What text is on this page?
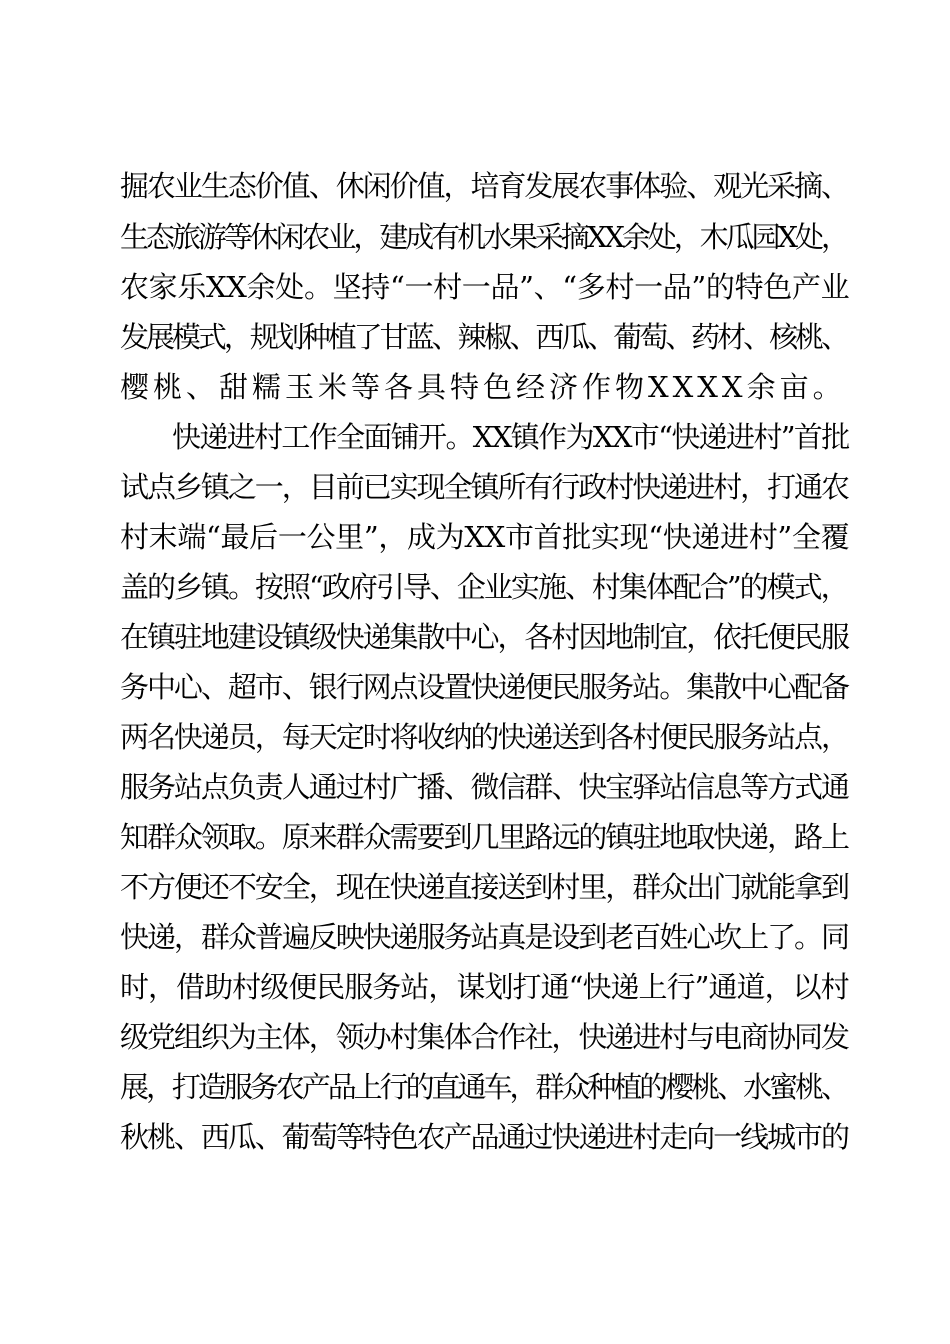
掘农业生态价值、休闲价值，培育发展农事体验、观光采摘、
生态旅游等休闲农业，建成有机水果采摘XX余处，木瓜园X处，
农家乐XX余处。坚持“一村一品”、“多村一品”的特色产业
发展模式，规划种植了甘蓝、辣椒、西瓜、葡萄、药材、核桃、
樱桃、甜糯玉米等各具特色经济作物XXXX余亩。
快递进村工作全面铺开。XX镇作为XX市“快递进村”首批
试点乡镇之一，目前已实现全镇所有行政村快递进村，打通农
村末端“最后一公里”，成为XX市首批实现“快递进村”全覆
盖的乡镇。按照“政府引导、企业实施、村集体配合”的模式，
在镇驻地建设镇级快递集散中心，各村因地制宜，依托便民服
务中心、超市、银行网点设置快递便民服务站。集散中心配备
两名快递员，每天定时将收纳的快递送到各村便民服务站点，
服务站点负责人通过村广播、微信群、快宝驿站信息等方式通
知群众领取。原来群众需要到几里路远的镇驻地取快递，路上
不方便还不安全，现在快递直接送到村里，群众出门就能拿到
快递，群众普遍反映快递服务站真是设到老百姓心坎上了。同
时，借助村级便民服务站，谋划打通“快递上行”通道，以村
级党组织为主体，领办村集体合作社，快递进村与电商协同发
展，打造服务农产品上行的直通车，群众种植的樱桃、水蜜桃、
秋桃、西瓜、葡萄等特色农产品通过快递进村走向一线城市的
